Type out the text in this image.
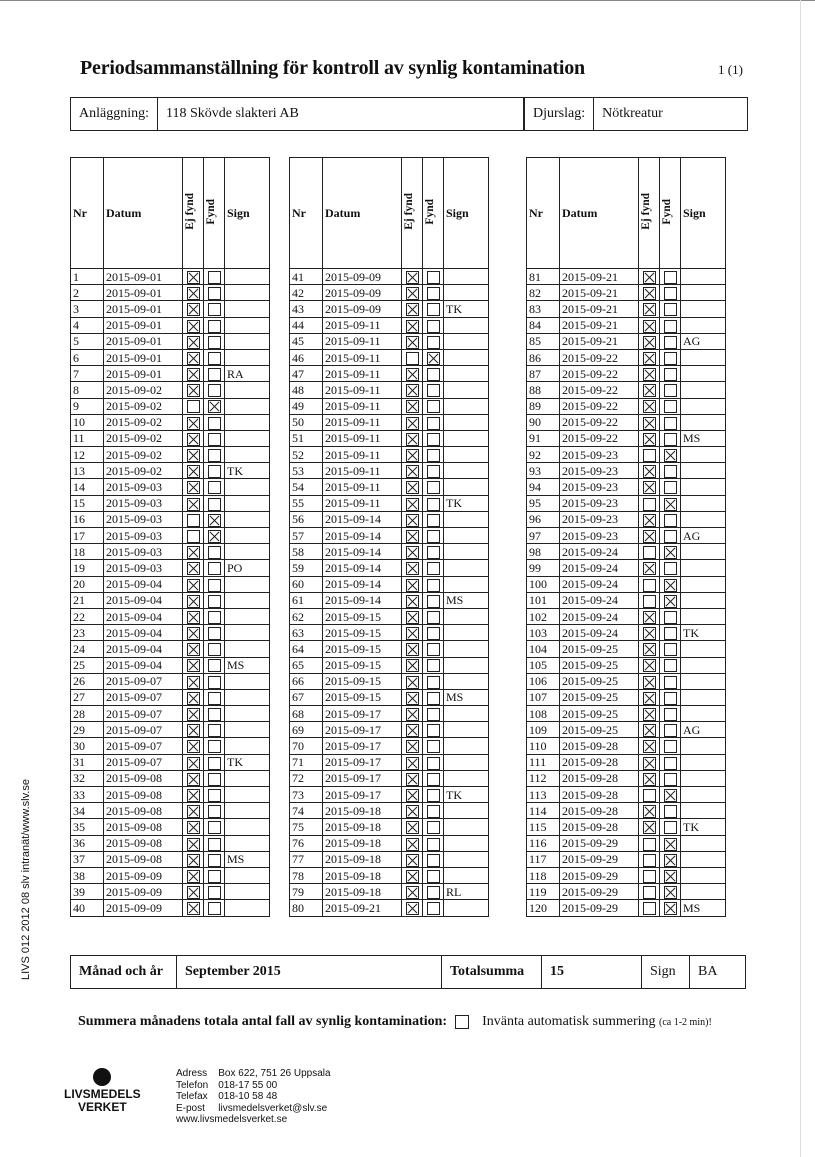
Periodsammanställning för kontroll av synlig kontamination	1 (1)
Anläggning:	118 Skövde slakteri AB	Djurslag:	Nötkreatur
Nr	Datum	Ej fynd	Fynd	Sign
1	2015-09-01			
2	2015-09-01			
3	2015-09-01			
4	2015-09-01			
5	2015-09-01			
6	2015-09-01			
7	2015-09-01			RA
8	2015-09-02			
9	2015-09-02			
10	2015-09-02			
11	2015-09-02			
12	2015-09-02			
13	2015-09-02			TK
14	2015-09-03			
15	2015-09-03			
16	2015-09-03			
17	2015-09-03			
18	2015-09-03			
19	2015-09-03			PO
20	2015-09-04			
21	2015-09-04			
22	2015-09-04			
23	2015-09-04			
24	2015-09-04			
25	2015-09-04			MS
26	2015-09-07			
27	2015-09-07			
28	2015-09-07			
29	2015-09-07			
30	2015-09-07			
31	2015-09-07			TK
32	2015-09-08			
33	2015-09-08			
34	2015-09-08			
35	2015-09-08			
36	2015-09-08			
37	2015-09-08			MS
38	2015-09-09			
39	2015-09-09			
40	2015-09-09			
Nr	Datum	Ej fynd	Fynd	Sign
41	2015-09-09			
42	2015-09-09			
43	2015-09-09			TK
44	2015-09-11			
45	2015-09-11			
46	2015-09-11			
47	2015-09-11			
48	2015-09-11			
49	2015-09-11			
50	2015-09-11			
51	2015-09-11			
52	2015-09-11			
53	2015-09-11			
54	2015-09-11			
55	2015-09-11			TK
56	2015-09-14			
57	2015-09-14			
58	2015-09-14			
59	2015-09-14			
60	2015-09-14			
61	2015-09-14			MS
62	2015-09-15			
63	2015-09-15			
64	2015-09-15			
65	2015-09-15			
66	2015-09-15			
67	2015-09-15			MS
68	2015-09-17			
69	2015-09-17			
70	2015-09-17			
71	2015-09-17			
72	2015-09-17			
73	2015-09-17			TK
74	2015-09-18			
75	2015-09-18			
76	2015-09-18			
77	2015-09-18			
78	2015-09-18			
79	2015-09-18			RL
80	2015-09-21			
Nr	Datum	Ej fynd	Fynd	Sign
81	2015-09-21			
82	2015-09-21			
83	2015-09-21			
84	2015-09-21			
85	2015-09-21			AG
86	2015-09-22			
87	2015-09-22			
88	2015-09-22			
89	2015-09-22			
90	2015-09-22			
91	2015-09-22			MS
92	2015-09-23			
93	2015-09-23			
94	2015-09-23			
95	2015-09-23			
96	2015-09-23			
97	2015-09-23			AG
98	2015-09-24			
99	2015-09-24			
100	2015-09-24			
101	2015-09-24			
102	2015-09-24			
103	2015-09-24			TK
104	2015-09-25			
105	2015-09-25			
106	2015-09-25			
107	2015-09-25			
108	2015-09-25			
109	2015-09-25			AG
110	2015-09-28			
111	2015-09-28			
112	2015-09-28			
113	2015-09-28			
114	2015-09-28			
115	2015-09-28			TK
116	2015-09-29			
117	2015-09-29			
118	2015-09-29			
119	2015-09-29			
120	2015-09-29			MS
Månad och år	September 2015	Totalsumma	15	Sign	BA
Summera månadens totala antal fall av synlig kontamination:	Invänta automatisk summering (ca 1-2 min)!
LIVSMEDELS
VERKET
Adress	Box 622, 751 26 Uppsala
Telefon	018-17 55 00
Telefax	018-10 58 48
E-post	livsmedelsverket@slv.se
www.livsmedelsverket.se	
LIVS 012 2012 08 slv intranät/www.slv.se
